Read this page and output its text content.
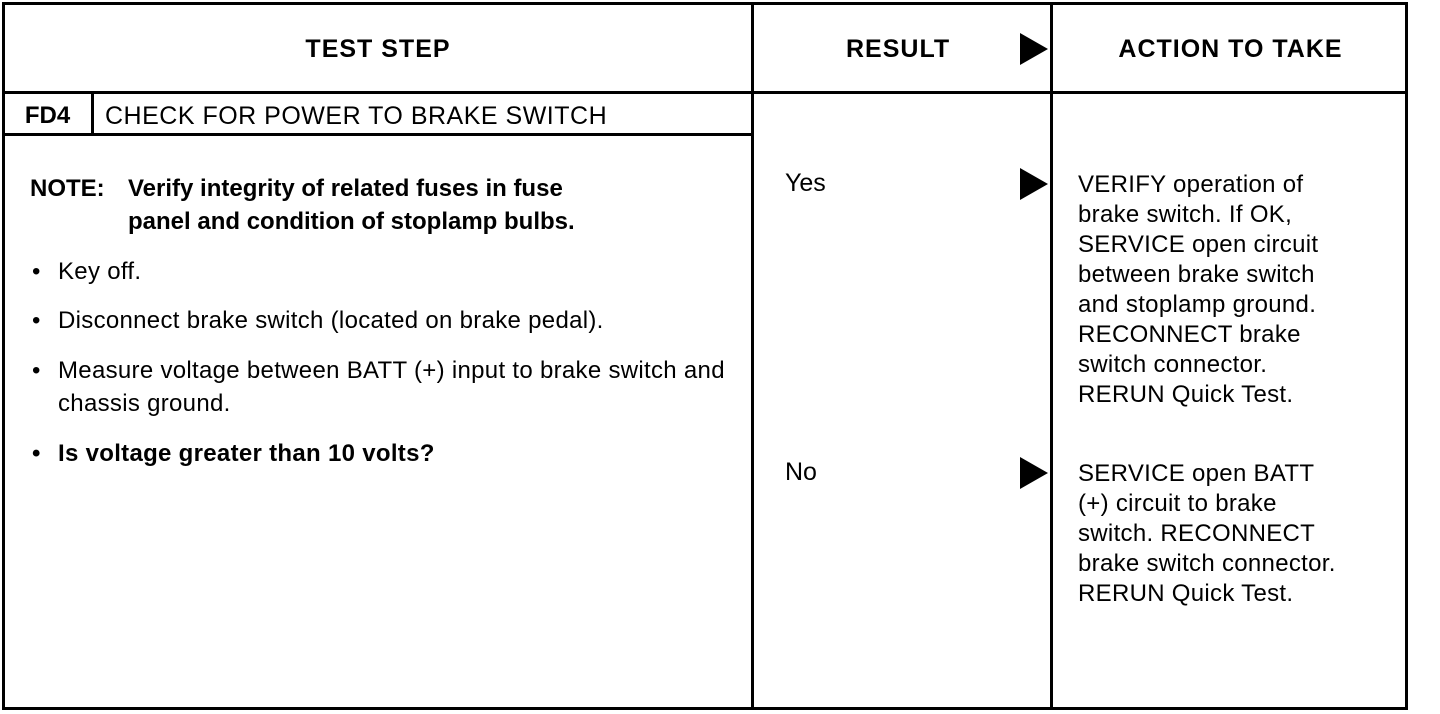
TEST STEP	RESULT	ACTION TO TAKE
FD4	CHECK FOR POWER TO BRAKE SWITCH
NOTE: Verify integrity of related fuses in fuse
panel and condition of stoplamp bulbs.
• Key off.
• Disconnect brake switch (located on brake pedal).
• Measure voltage between BATT (+) input to brake switch and chassis ground.
• Is voltage greater than 10 volts?
Yes	VERIFY operation of
brake switch. If OK,
SERVICE open circuit
between brake switch
and stoplamp ground.
RECONNECT brake
switch connector.
RERUN Quick Test.
No	SERVICE open BATT
(+) circuit to brake
switch. RECONNECT
brake switch connector.
RERUN Quick Test.
